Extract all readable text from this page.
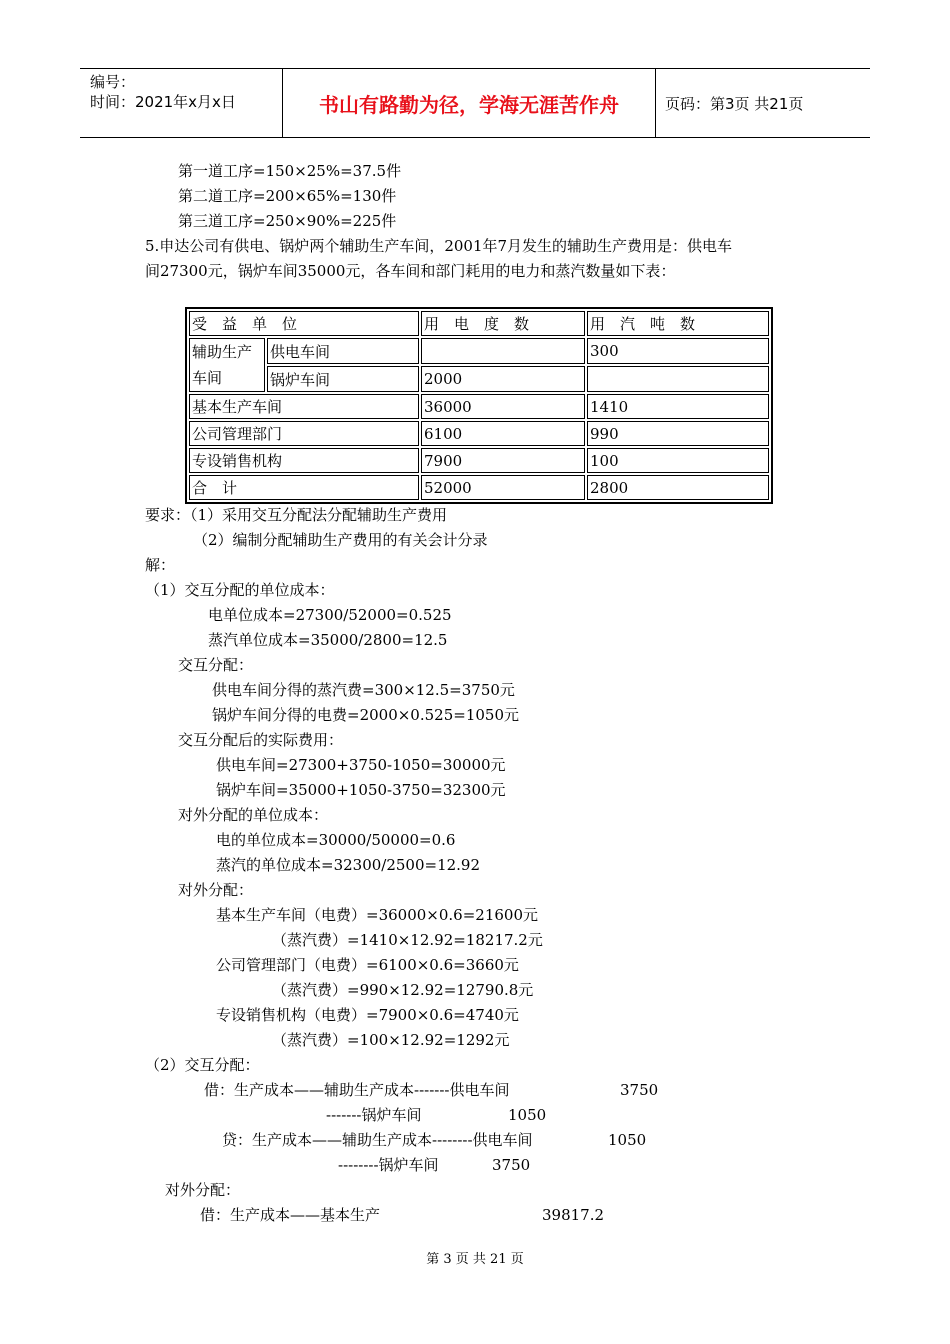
编号：
时间：2021年x月x日	书山有路勤为径，学海无涯苦作舟	页码：第3页 共21页
第一道工序=150×25%=37.5件
第二道工序=200×65%=130件
第三道工序=250×90%=225件
5.申达公司有供电、锅炉两个辅助生产车间，2001年7月发生的辅助生产费用是：供电车
间27300元，锅炉车间35000元，各车间和部门耗用的电力和蒸汽数量如下表：
受　益　单　位		用　电　度　数	用　汽　吨　数

辅助生产
车间	供电车间		300
	锅炉车间	2000	
基本生产车间		36000	1410
公司管理部门		6100	990
专设销售机构		7900	100
合　计		52000	2800
要求：（1）采用交互分配法分配辅助生产费用
（2）编制分配辅助生产费用的有关会计分录
解：
（1）交互分配的单位成本：
电单位成本=27300/52000=0.525
蒸汽单位成本=35000/2800=12.5
交互分配：
供电车间分得的蒸汽费=300×12.5=3750元
锅炉车间分得的电费=2000×0.525=1050元
交互分配后的实际费用：
供电车间=27300+3750-1050=30000元
锅炉车间=35000+1050-3750=32300元
对外分配的单位成本：
电的单位成本=30000/50000=0.6
蒸汽的单位成本=32300/2500=12.92
对外分配：
基本生产车间（电费）=36000×0.6=21600元
（蒸汽费）=1410×12.92=18217.2元
公司管理部门（电费）=6100×0.6=3660元
（蒸汽费）=990×12.92=12790.8元
专设销售机构（电费）=7900×0.6=4740元
（蒸汽费）=100×12.92=1292元
（2）交互分配：
借：生产成本——辅助生产成本-------供电车间	3750
-------锅炉车间	1050
贷：生产成本——辅助生产成本--------供电车间	1050
--------锅炉车间	3750
对外分配：
借：生产成本——基本生产	39817.2
第 3 页 共 21 页
